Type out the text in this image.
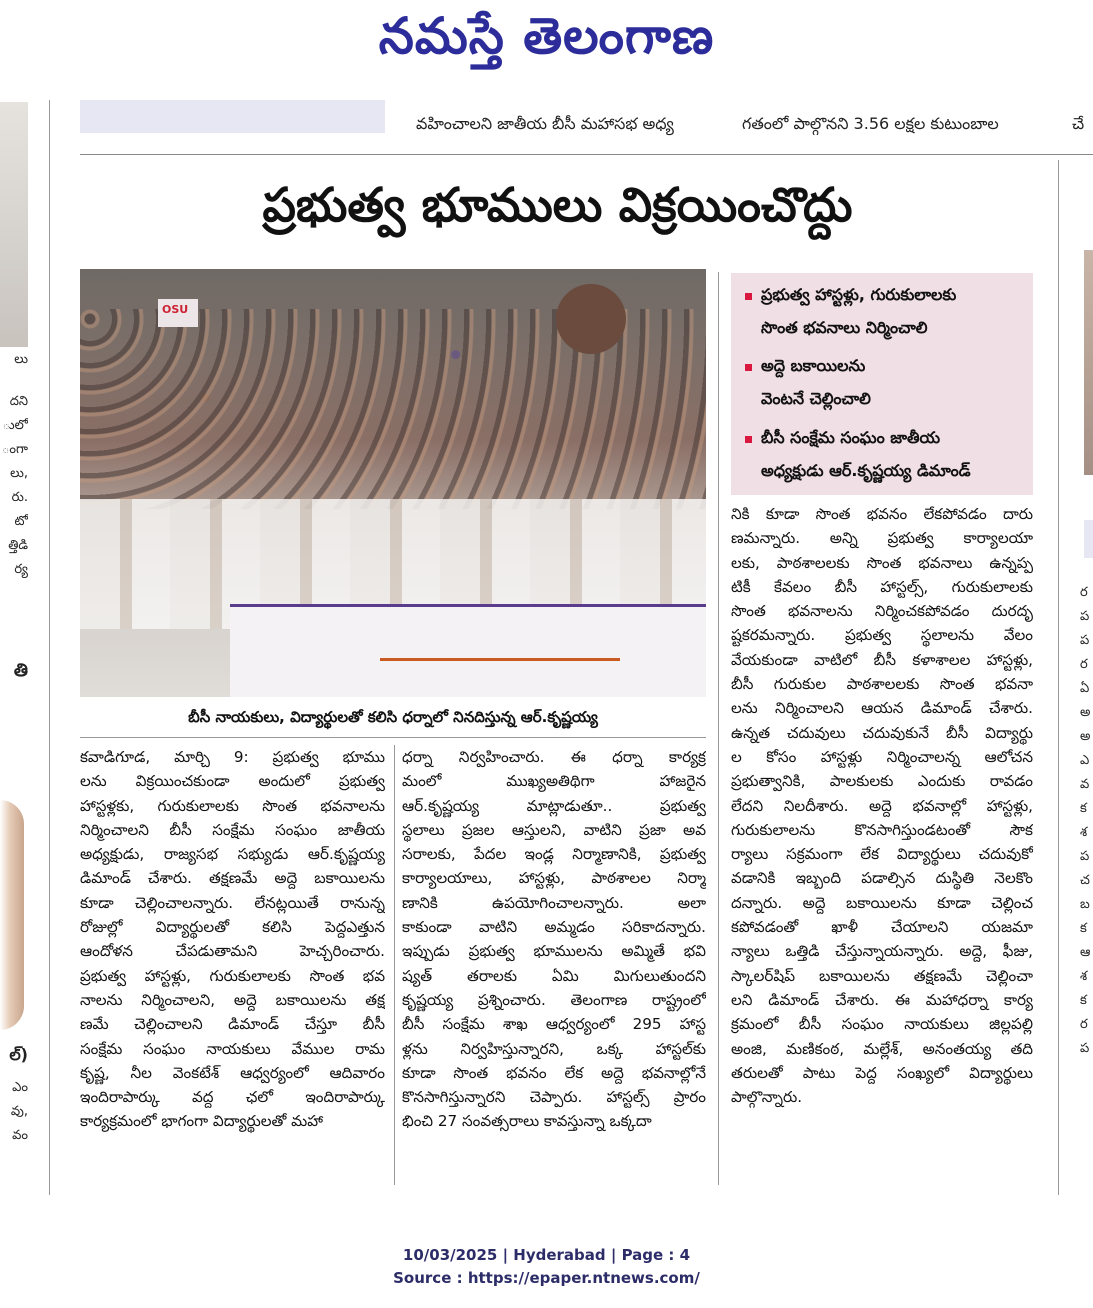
నమస్తే తెలంగాణ
లు
దని
ులో
ంగా
లు,
రు.
టో
త్తిడి
ర్య
తి
ల్)
ఎం
వు,
వం
వహించాలని జాతీయ బీసీ మహాసభ అధ్య	గతంలో పాల్గొనని 3.56 లక్షల కుటుంబాల	చే
ప్రభుత్వ భూములు విక్రయించొద్దు
OSU
బీసీ నాయకులు, విద్యార్థులతో కలిసి ధర్నాలో నినదిస్తున్న ఆర్.కృష్ణయ్య
ప్రభుత్వ హాస్టళ్లు, గురుకులాలకు
సొంత భవనాలు నిర్మించాలి
అద్దె బకాయిలను
వెంటనే చెల్లించాలి
బీసీ సంక్షేమ సంఘం జాతీయ
అధ్యక్షుడు ఆర్.కృష్ణయ్య డిమాండ్
కవాడిగూడ, మార్చి 9: ప్రభుత్వ భూము
లను విక్రయించకుండా అందులో ప్రభుత్వ
హాస్టళ్లకు, గురుకులాలకు సొంత భవనాలను
నిర్మించాలని బీసీ సంక్షేమ సంఘం జాతీయ
అధ్యక్షుడు, రాజ్యసభ సభ్యుడు ఆర్.కృష్ణయ్య
డిమాండ్ చేశారు. తక్షణమే అద్దె బకాయిలను
కూడా చెల్లించాలన్నారు. లేనట్లయితే రానున్న
రోజుల్లో విద్యార్థులతో కలిసి పెద్దఎత్తున
ఆందోళన చేపడుతామని హెచ్చరించారు.
ప్రభుత్వ హాస్టళ్లు, గురుకులాలకు సొంత భవ
నాలను నిర్మించాలని, అద్దె బకాయిలను తక్ష
ణమే చెల్లించాలని డిమాండ్ చేస్తూ బీసీ
సంక్షేమ సంఘం నాయకులు వేముల రామ
కృష్ణ, నీల వెంకటేశ్ ఆధ్వర్యంలో ఆదివారం
ఇందిరాపార్కు వద్ద ఛలో ఇందిరాపార్కు
కార్యక్రమంలో భాగంగా విద్యార్థులతో మహా
ధర్నా నిర్వహించారు. ఈ ధర్నా కార్యక్ర
మంలో ముఖ్యఅతిథిగా హాజరైన
ఆర్.కృష్ణయ్య మాట్లాడుతూ.. ప్రభుత్వ
స్థలాలు ప్రజల ఆస్తులని, వాటిని ప్రజా అవ
సరాలకు, పేదల ఇండ్ల నిర్మాణానికి, ప్రభుత్వ
కార్యాలయాలు, హాస్టళ్లు, పాఠశాలల నిర్మా
ణానికి ఉపయోగించాలన్నారు. అలా
కాకుండా వాటిని అమ్మడం సరికాదన్నారు.
ఇప్పుడు ప్రభుత్వ భూములను అమ్మితే భవి
ష్యత్ తరాలకు ఏమి మిగులుతుందని
కృష్ణయ్య ప్రశ్నించారు. తెలంగాణ రాష్ట్రంలో
బీసీ సంక్షేమ శాఖ ఆధ్వర్యంలో 295 హాస్ట
ళ్లను నిర్వహిస్తున్నారని, ఒక్క హాస్టల్‌కు
కూడా సొంత భవనం లేక అద్దె భవనాల్లోనే
కొనసాగిస్తున్నారని చెప్పారు. హాస్టల్స్ ప్రారం
భించి 27 సంవత్సరాలు కావస్తున్నా ఒక్కదా
నికి కూడా సొంత భవనం లేకపోవడం దారు
ణమన్నారు. అన్ని ప్రభుత్వ కార్యాలయా
లకు, పాఠశాలలకు సొంత భవనాలు ఉన్నప్ప
టికీ కేవలం బీసీ హాస్టల్స్, గురుకులాలకు
సొంత భవనాలను నిర్మించకపోవడం దురదృ
ష్టకరమన్నారు. ప్రభుత్వ స్థలాలను వేలం
వేయకుండా వాటిలో బీసీ కళాశాలల హాస్టళ్లు,
బీసీ గురుకుల పాఠశాలలకు సొంత భవనా
లను నిర్మించాలని ఆయన డిమాండ్ చేశారు.
ఉన్నత చదువులు చదువుకునే బీసీ విద్యార్థు
ల కోసం హాస్టళ్లు నిర్మించాలన్న ఆలోచన
ప్రభుత్వానికి, పాలకులకు ఎందుకు రావడం
లేదని నిలదీశారు. అద్దె భవనాల్లో హాస్టళ్లు,
గురుకులాలను కొనసాగిస్తుండటంతో సౌక
ర్యాలు సక్రమంగా లేక విద్యార్థులు చదువుకో
వడానికి ఇబ్బంది పడాల్సిన దుస్థితి నెలకొం
దన్నారు. అద్దె బకాయిలను కూడా చెల్లించ
కపోవడంతో ఖాళీ చేయాలని యజమా
న్యాలు ఒత్తిడి చేస్తున్నాయన్నారు. అద్దె, ఫీజు,
స్కాలర్‌షిప్ బకాయిలను తక్షణమే చెల్లించా
లని డిమాండ్ చేశారు. ఈ మహాధర్నా కార్య
క్రమంలో బీసీ సంఘం నాయకులు జిల్లపల్లి
అంజి, మణికంఠ, మల్లేశ్, అనంతయ్య తది
తరులతో పాటు పెద్ద సంఖ్యలో విద్యార్థులు
పాల్గొన్నారు.
ర
ప
ప
ర
ఏ
అ
అ
ఎ
వ
క
శ
ప
చ
బ
క
ఆ
శ
క
ర
ప
10/03/2025 | Hyderabad | Page : 4
Source : https://epaper.ntnews.com/
